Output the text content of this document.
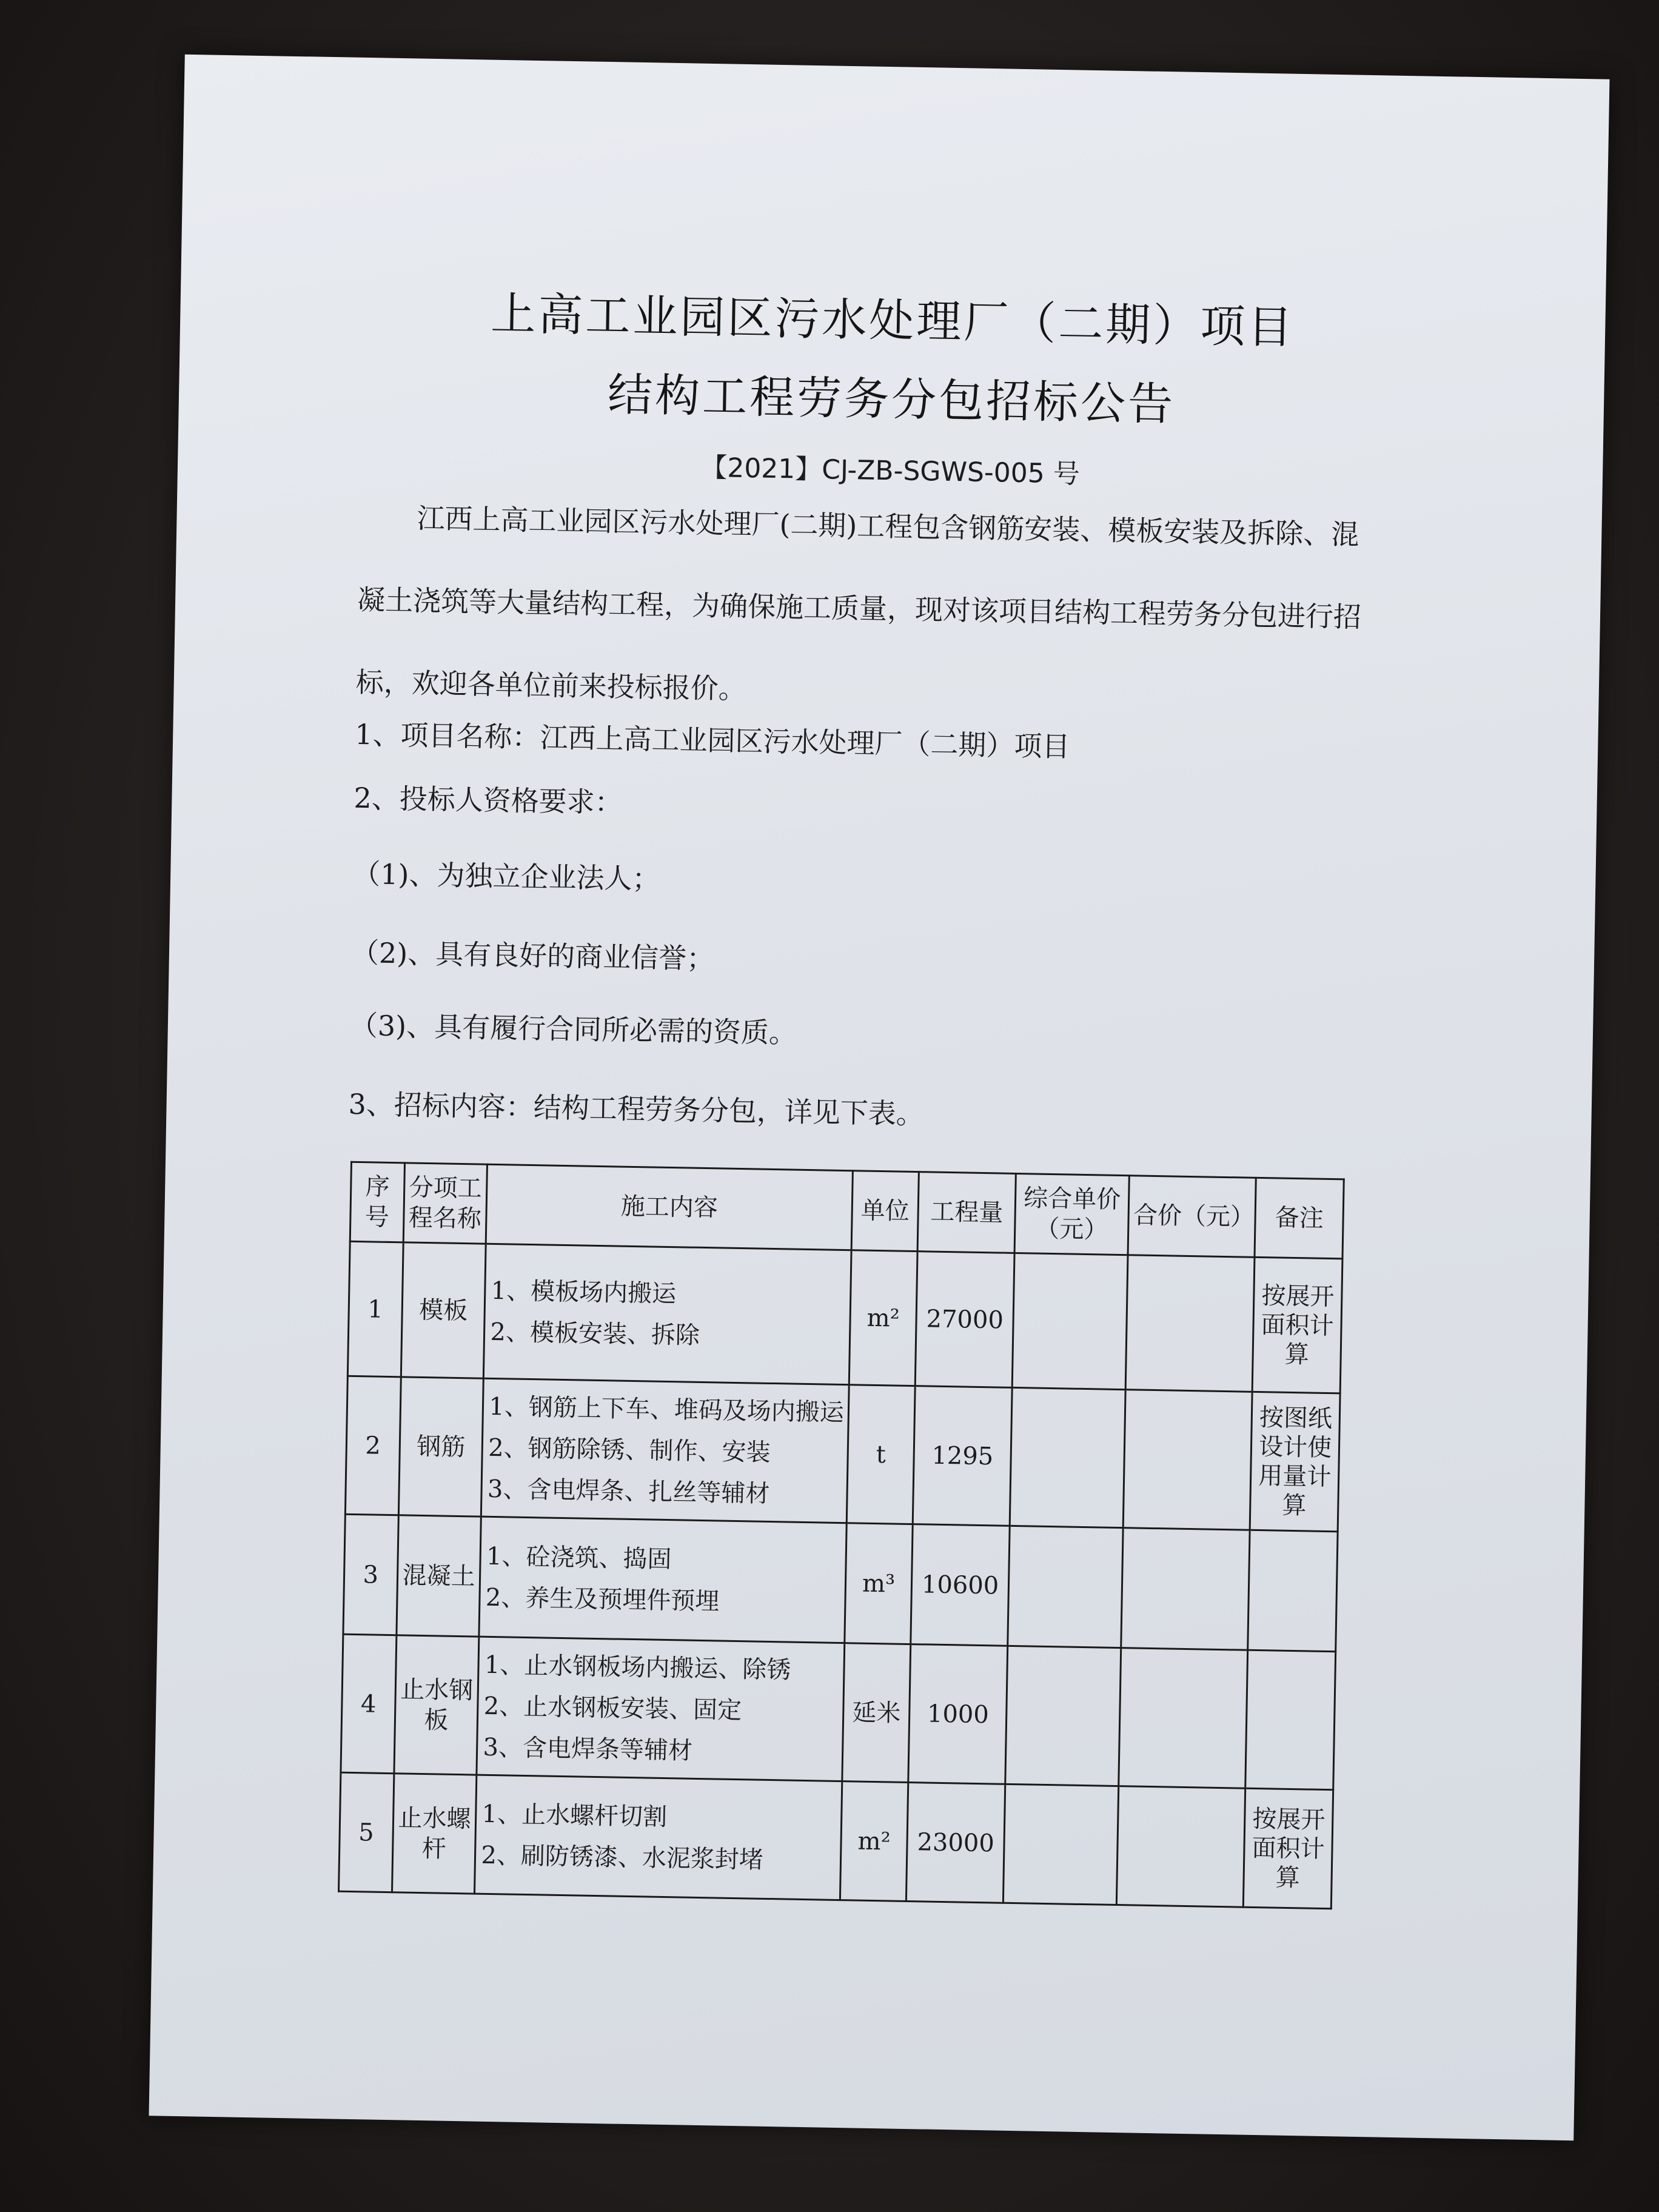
上高工业园区污水处理厂（二期）项目
结构工程劳务分包招标公告
【2021】CJ-ZB-SGWS-005 号
江西上高工业园区污水处理厂(二期)工程包含钢筋安装、模板安装及拆除、混凝土浇筑等大量结构工程，为确保施工质量，现对该项目结构工程劳务分包进行招标，欢迎各单位前来投标报价。
1、项目名称：江西上高工业园区污水处理厂（二期）项目
2、投标人资格要求：
（1)、为独立企业法人；
（2)、具有良好的商业信誉；
（3)、具有履行合同所必需的资质。
3、招标内容：结构工程劳务分包，详见下表。
序号	分项工程名称	施工内容	单位	工程量	综合单价（元）	合价（元）	备注
1	模板	1、模板场内搬运
2、模板安装、拆除	m²	27000			按展开面积计算
2	钢筋	1、钢筋上下车、堆码及场内搬运
2、钢筋除锈、制作、安装
3、含电焊条、扎丝等辅材	t	1295			按图纸设计使用量计算
3	混凝土	1、砼浇筑、捣固
2、养生及预埋件预埋	m³	10600			
4	止水钢板	1、止水钢板场内搬运、除锈
2、止水钢板安装、固定
3、含电焊条等辅材	延米	1000			
5	止水螺杆	1、止水螺杆切割
2、刷防锈漆、水泥浆封堵	m²	23000			按展开面积计算
